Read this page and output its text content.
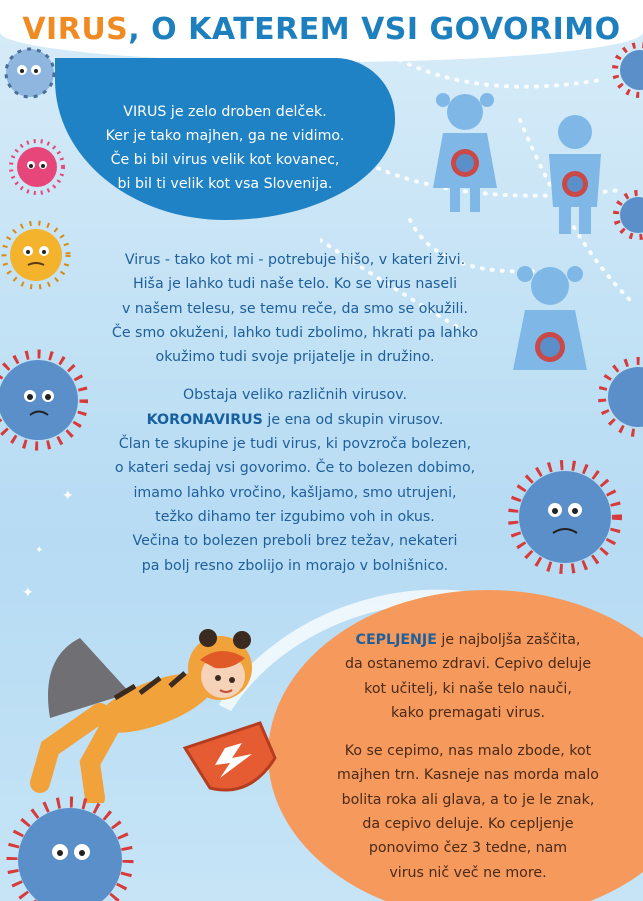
VIRUS, O KATEREM VSI GOVORIMO
VIRUS je zelo droben delček.
Ker je tako majhen, ga ne vidimo.
Če bi bil virus velik kot kovanec,
bi bil ti velik kot vsa Slovenija.

Virus - tako kot mi - potrebuje hišo, v kateri živi.
Hiša je lahko tudi naše telo. Ko se virus naseli
v našem telesu, se temu reče, da smo se okužili.
Če smo okuženi, lahko tudi zbolimo, hkrati pa lahko
okužimo tudi svoje prijatelje in družino.

Obstaja veliko različnih virusov.
KORONAVIRUS je ena od skupin virusov.
Član te skupine je tudi virus, ki povzroča bolezen,
o kateri sedaj vsi govorimo. Če to bolezen dobimo,
imamo lahko vročino, kašljamo, smo utrujeni,
težko dihamo ter izgubimo voh in okus.
Večina to bolezen preboli brez težav, nekateri
pa bolj resno zbolijo in morajo v bolnišnico.

CEPLJENJE je najboljša zaščita,
da ostanemo zdravi. Cepivo deluje
kot učitelj, ki naše telo nauči,
kako premagati virus.

Ko se cepimo, nas malo zbode, kot
majhen trn. Kasneje nas morda malo
bolita roka ali glava, a to je le znak,
da cepivo deluje. Ko cepljenje
ponovimo čez 3 tedne, nam
virus nič več ne more.

✦
✦
✦
